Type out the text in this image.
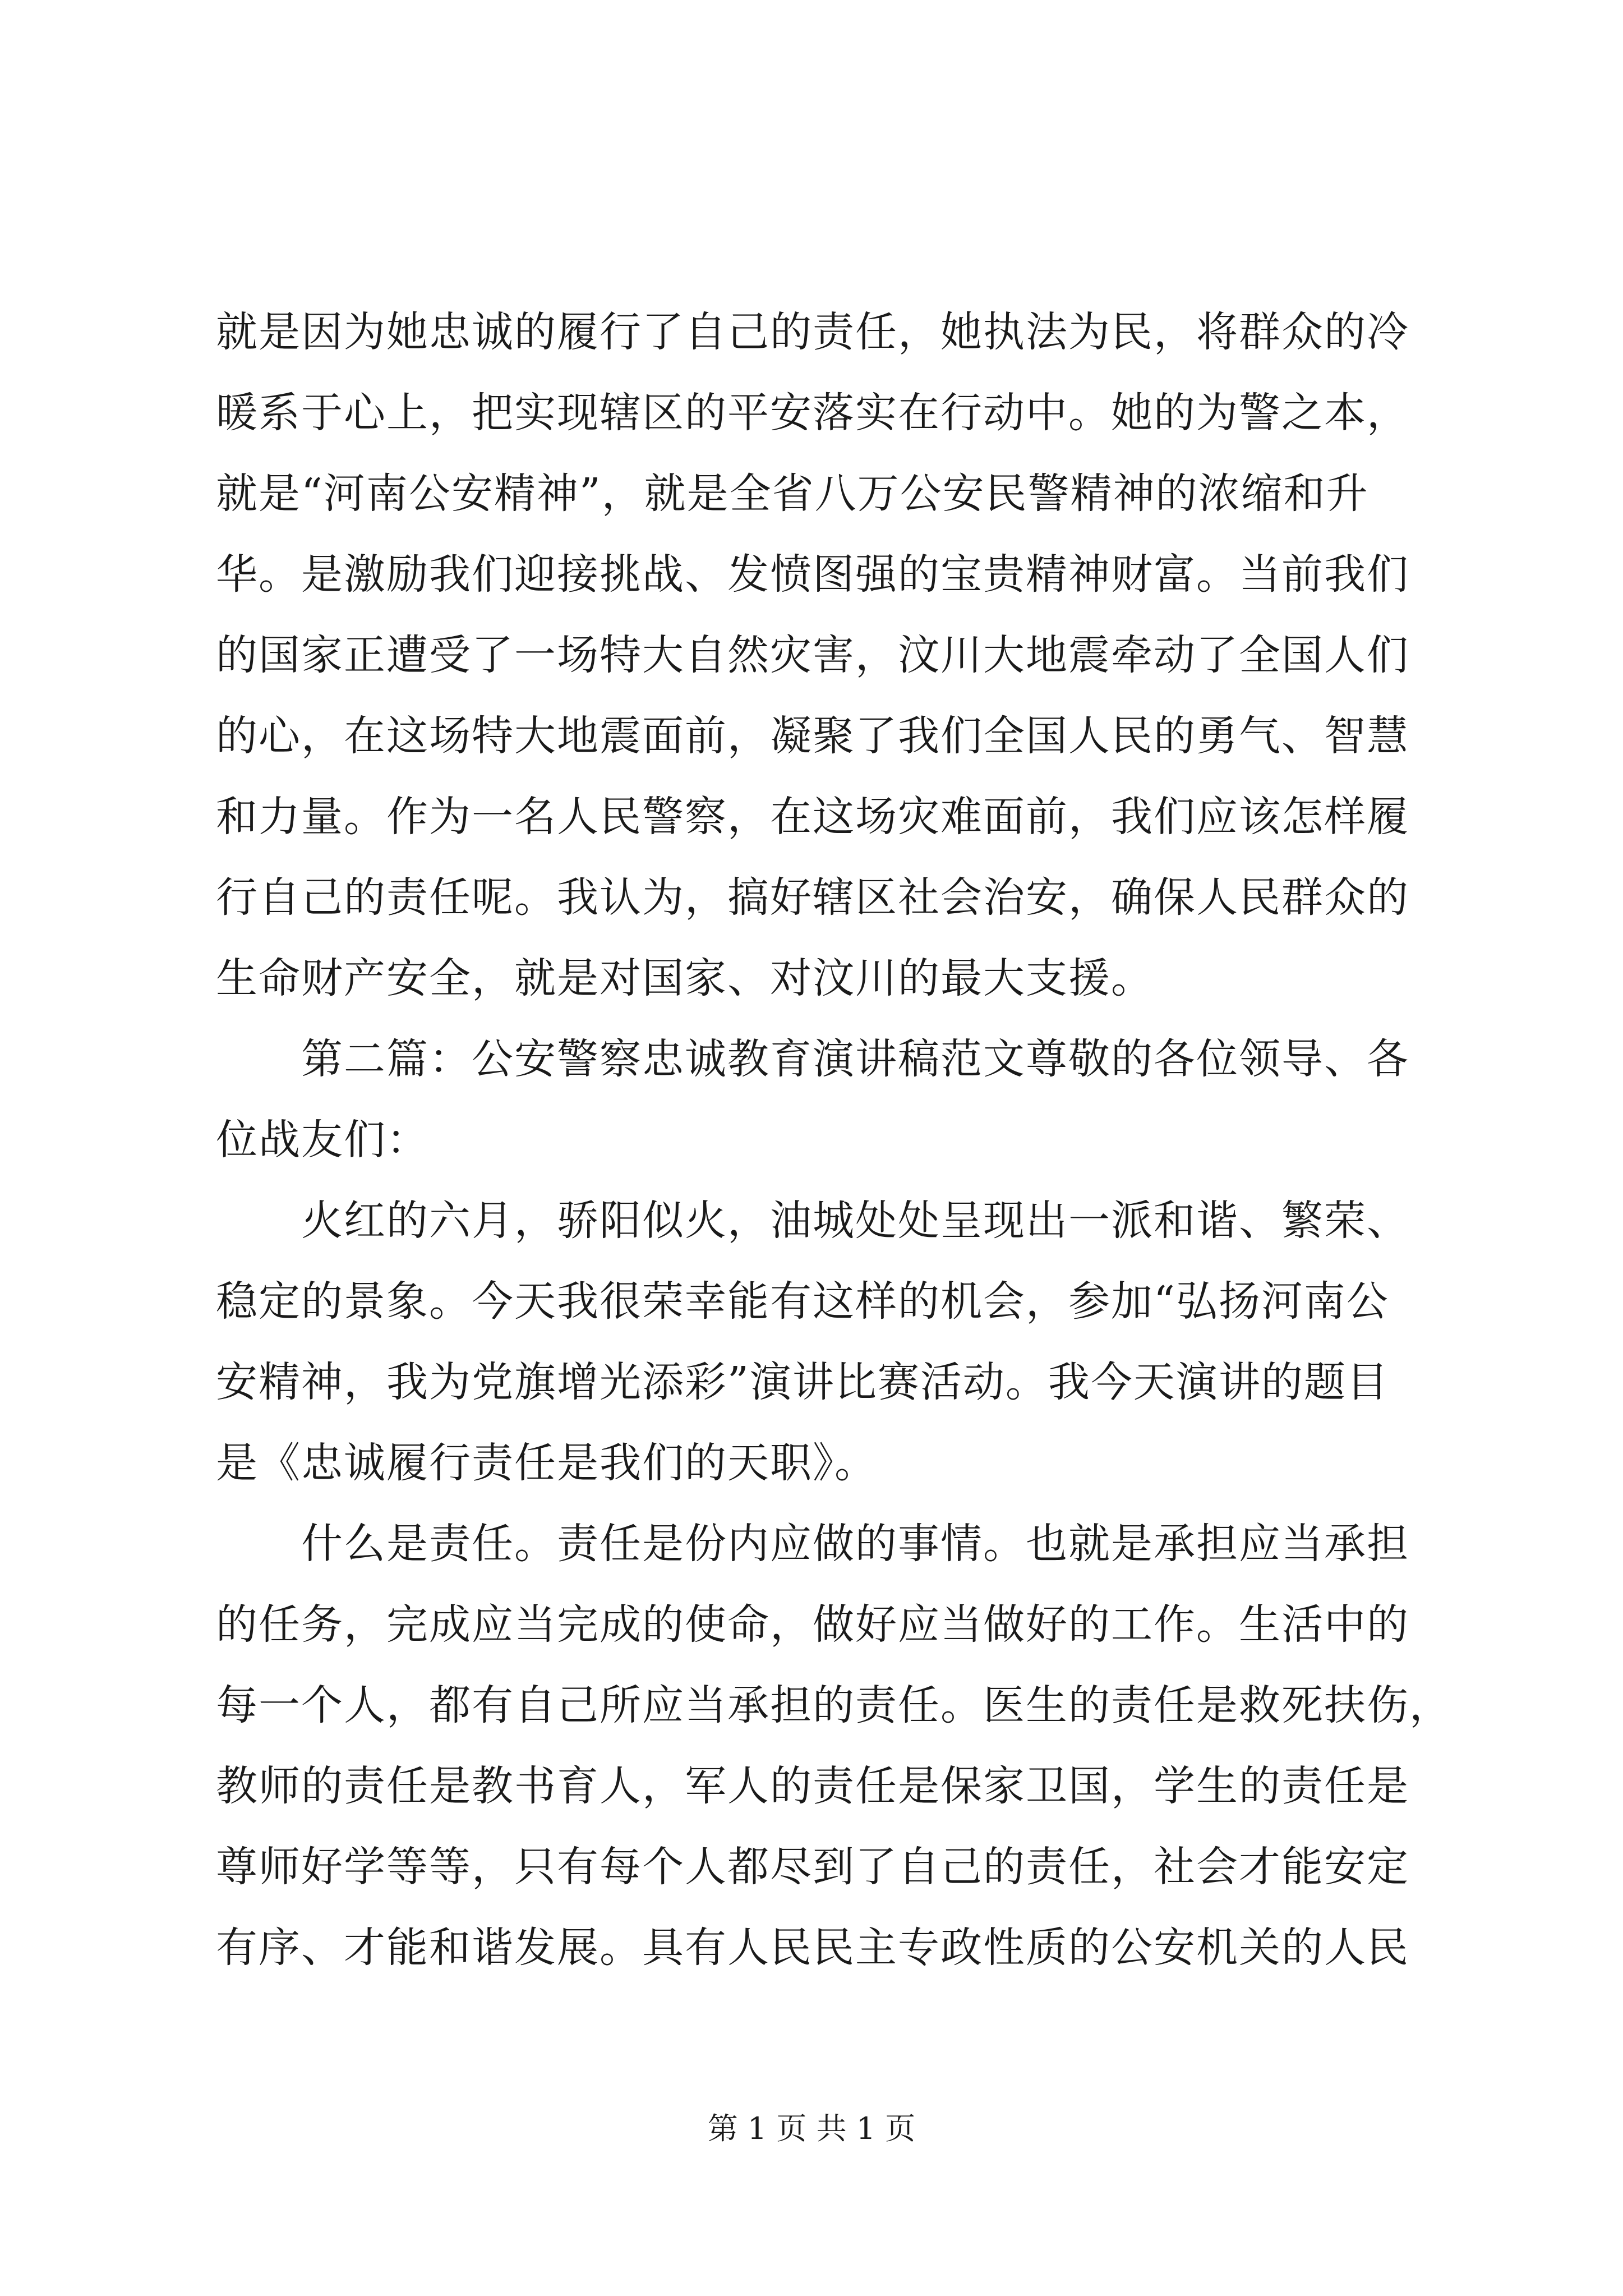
就是因为她忠诚的履行了自己的责任，她执法为民，将群众的冷
暖系于心上，把实现辖区的平安落实在行动中。她的为警之本，
就是“河南公安精神”，就是全省八万公安民警精神的浓缩和升
华。是激励我们迎接挑战、发愤图强的宝贵精神财富。当前我们
的国家正遭受了一场特大自然灾害，汶川大地震牵动了全国人们
的心，在这场特大地震面前，凝聚了我们全国人民的勇气、智慧
和力量。作为一名人民警察，在这场灾难面前，我们应该怎样履
行自己的责任呢。我认为，搞好辖区社会治安，确保人民群众的
生命财产安全，就是对国家、对汶川的最大支援。
　　第二篇：公安警察忠诚教育演讲稿范文尊敬的各位领导、各
位战友们：
　　火红的六月，骄阳似火，油城处处呈现出一派和谐、繁荣、
稳定的景象。今天我很荣幸能有这样的机会，参加“弘扬河南公
安精神，我为党旗增光添彩”演讲比赛活动。我今天演讲的题目
是《忠诚履行责任是我们的天职》。
　　什么是责任。责任是份内应做的事情。也就是承担应当承担
的任务，完成应当完成的使命，做好应当做好的工作。生活中的
每一个人，都有自己所应当承担的责任。医生的责任是救死扶伤，
教师的责任是教书育人，军人的责任是保家卫国，学生的责任是
尊师好学等等，只有每个人都尽到了自己的责任，社会才能安定
有序、才能和谐发展。具有人民民主专政性质的公安机关的人民
第 1 页 共 1 页
